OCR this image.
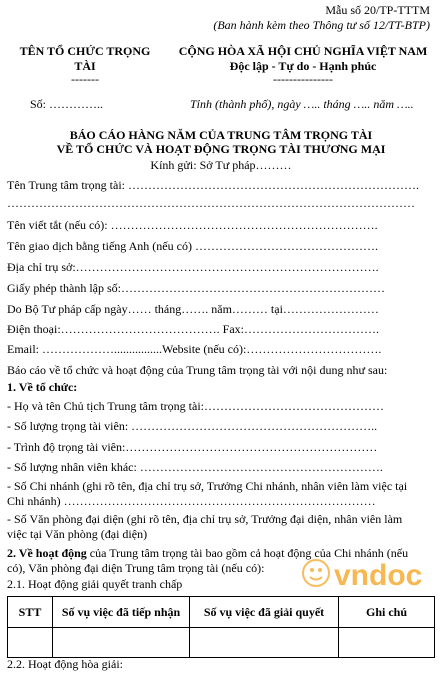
Mẫu số 20/TP-TTTM
(Ban hành kèm theo Thông tư số 12/TT-BTP)
TÊN TỔ CHỨC TRỌNG
TÀI
-------
CỘNG HÒA XÃ HỘI CHỦ NGHĨA VIỆT NAM
Độc lập - Tự do - Hạnh phúc
---------------
Số: …………..	Tỉnh (thành phố), ngày ….. tháng ….. năm …..
BÁO CÁO HÀNG NĂM CỦA TRUNG TÂM TRỌNG TÀI
VỀ TỔ CHỨC VÀ HOẠT ĐỘNG TRỌNG TÀI THƯƠNG MẠI
Kính gửi: Sở Tư pháp………
Tên Trung tâm trọng tài: ……………………………………………………………….
…………………………………………………………………………………………
Tên viết tắt (nếu có): ………………………………………………………….
Tên giao dịch bằng tiếng Anh (nếu có) ……………………………………….
Địa chỉ trụ sở:………………………………………………………………….
Giấy phép thành lập số:…………………………………………………………
Do Bộ Tư pháp cấp ngày…… tháng……. năm……… tại……………………
Điện thoại:…………………………………. Fax:…………………………….
Email: ………………................Website (nếu có):…………………………….
Báo cáo về tổ chức và hoạt động của Trung tâm trọng tài với nội dung như sau:
1. Về tổ chức:
- Họ và tên Chủ tịch Trung tâm trọng tài:………………………………………
- Số lượng trọng tài viên: ……………………………………………………..
- Trình độ trọng tài viên:………………………………………………………
- Số lượng nhân viên khác: …………………………………………………….
- Số Chi nhánh (ghi rõ tên, địa chỉ trụ sở, Trưởng Chi nhánh, nhân viên làm việc tại
Chi nhánh) ……………………………………………………………………
- Số Văn phòng đại diện (ghi rõ tên, địa chỉ trụ sở, Trưởng đại diện, nhân viên làm
việc tại Văn phòng (đại diện)
2. Về hoạt động của Trung tâm trọng tài bao gồm cả hoạt động của Chi nhánh (nếu
có), Văn phòng đại diện Trung tâm trọng tài (nếu có):
2.1. Hoạt động giải quyết tranh chấp	vndoc
STT	Số vụ việc đã tiếp nhận	Số vụ việc đã giải quyết	Ghi chú

2.2. Hoạt động hòa giải:
